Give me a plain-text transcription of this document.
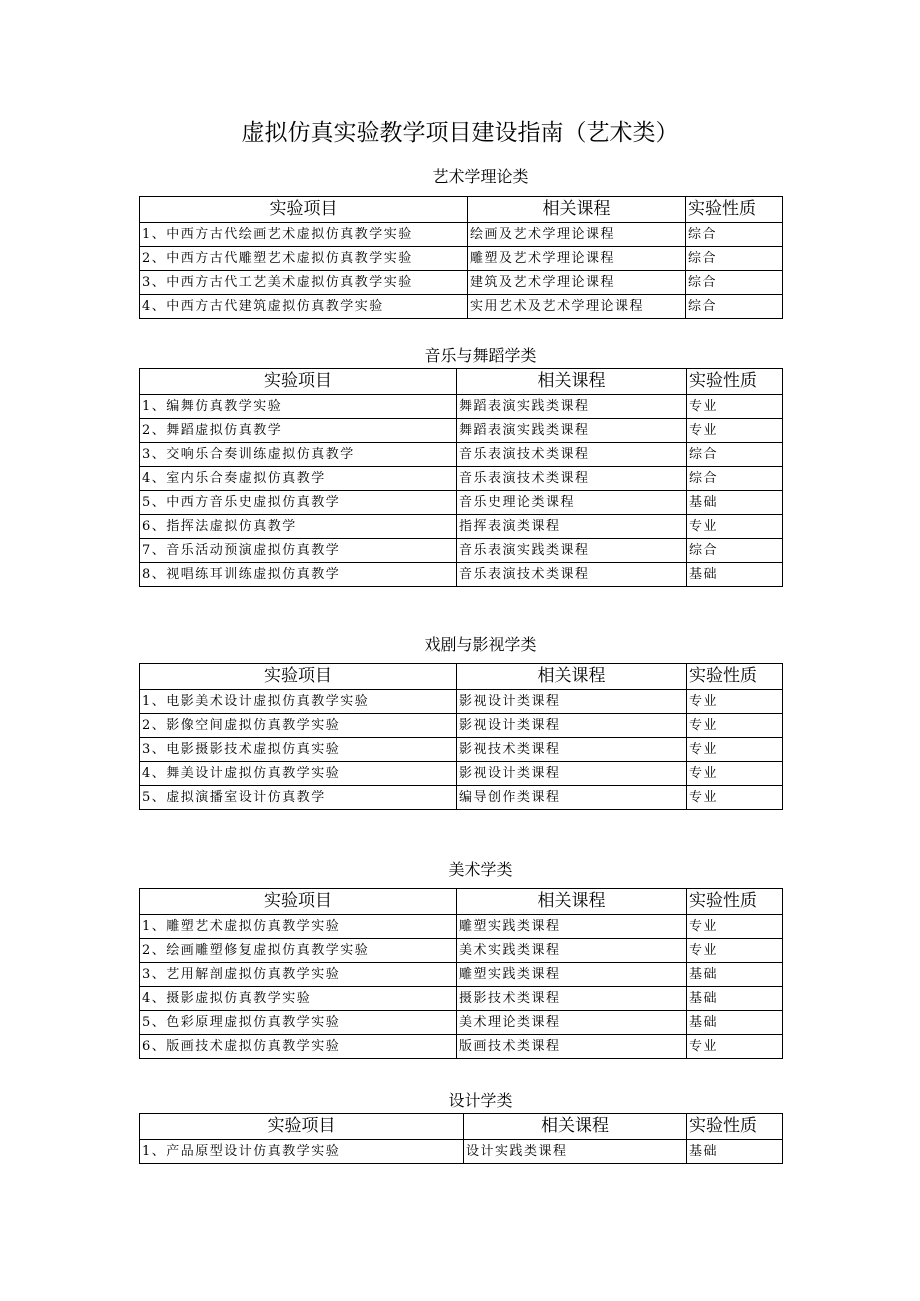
虚拟仿真实验教学项目建设指南（艺术类）
艺术学理论类
实验项目	相关课程	实验性质
1、中西方古代绘画艺术虚拟仿真教学实验	绘画及艺术学理论课程	综合
2、中西方古代雕塑艺术虚拟仿真教学实验	雕塑及艺术学理论课程	综合
3、中西方古代工艺美术虚拟仿真教学实验	建筑及艺术学理论课程	综合
4、中西方古代建筑虚拟仿真教学实验	实用艺术及艺术学理论课程	综合
音乐与舞蹈学类
实验项目	相关课程	实验性质
1、编舞仿真教学实验	舞蹈表演实践类课程	专业
2、舞蹈虚拟仿真教学	舞蹈表演实践类课程	专业
3、交响乐合奏训练虚拟仿真教学	音乐表演技术类课程	综合
4、室内乐合奏虚拟仿真教学	音乐表演技术类课程	综合
5、中西方音乐史虚拟仿真教学	音乐史理论类课程	基础
6、指挥法虚拟仿真教学	指挥表演类课程	专业
7、音乐活动预演虚拟仿真教学	音乐表演实践类课程	综合
8、视唱练耳训练虚拟仿真教学	音乐表演技术类课程	基础
戏剧与影视学类
实验项目	相关课程	实验性质
1、电影美术设计虚拟仿真教学实验	影视设计类课程	专业
2、影像空间虚拟仿真教学实验	影视设计类课程	专业
3、电影摄影技术虚拟仿真实验	影视技术类课程	专业
4、舞美设计虚拟仿真教学实验	影视设计类课程	专业
5、虚拟演播室设计仿真教学	编导创作类课程	专业
美术学类
实验项目	相关课程	实验性质
1、雕塑艺术虚拟仿真教学实验	雕塑实践类课程	专业
2、绘画雕塑修复虚拟仿真教学实验	美术实践类课程	专业
3、艺用解剖虚拟仿真教学实验	雕塑实践类课程	基础
4、摄影虚拟仿真教学实验	摄影技术类课程	基础
5、色彩原理虚拟仿真教学实验	美术理论类课程	基础
6、版画技术虚拟仿真教学实验	版画技术类课程	专业
设计学类
实验项目	相关课程	实验性质
1、产品原型设计仿真教学实验	设计实践类课程	基础
